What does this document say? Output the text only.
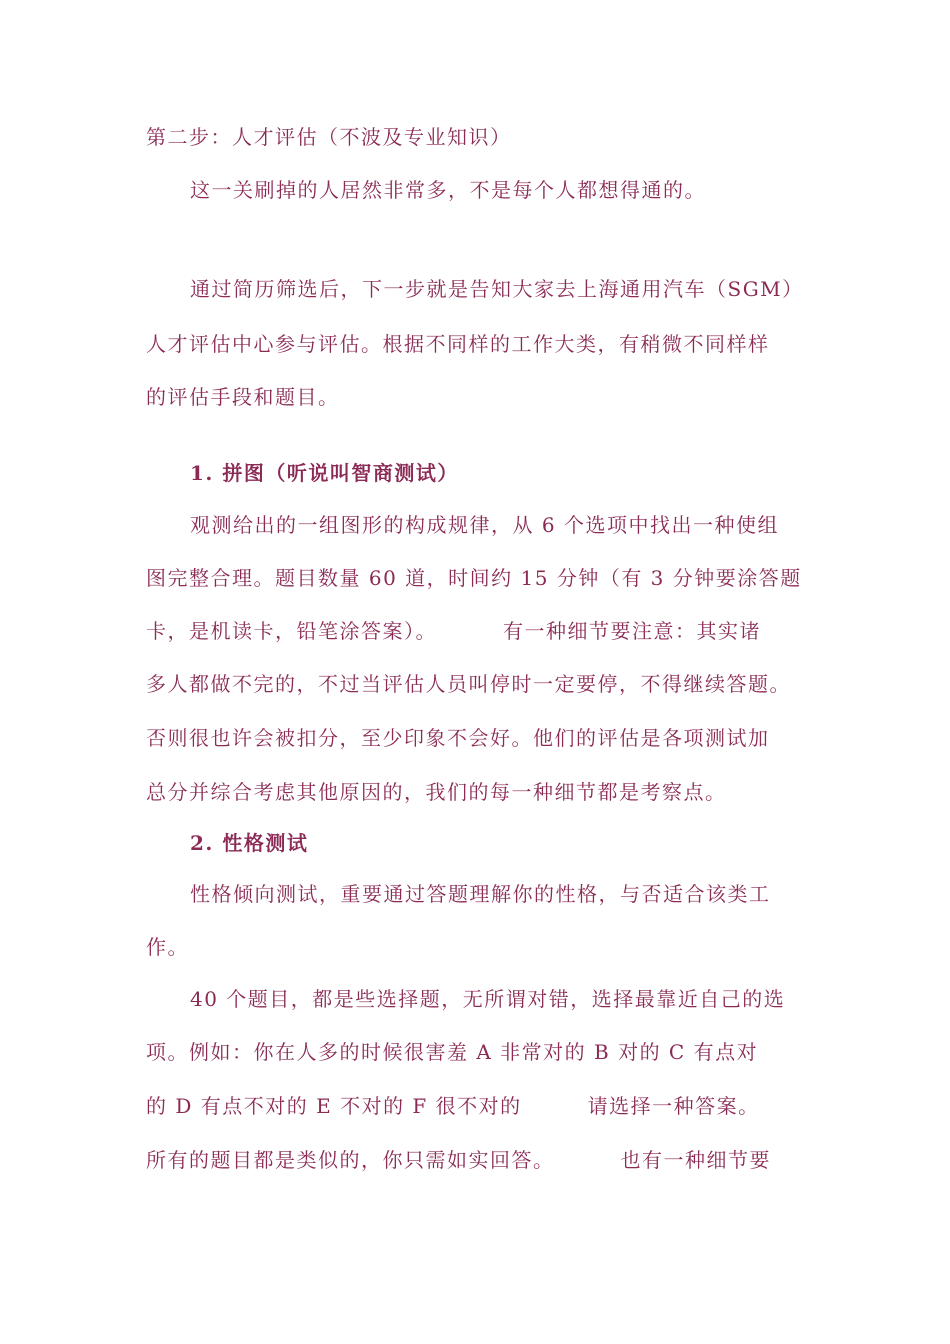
第二步：人才评估（不波及专业知识）
这一关刷掉的人居然非常多，不是每个人都想得通的。
通过简历筛选后，下一步就是告知大家去上海通用汽车（SGM）
人才评估中心参与评估。根据不同样的工作大类，有稍微不同样样
的评估手段和题目。
1. 拼图（听说叫智商测试）
观测给出的一组图形的构成规律，从 6 个选项中找出一种使组
图完整合理。题目数量 60 道，时间约 15 分钟（有 3 分钟要涂答题
卡，是机读卡，铅笔涂答案）。	有一种细节要注意：其实诸
多人都做不完的，不过当评估人员叫停时一定要停，不得继续答题。
否则很也许会被扣分，至少印象不会好。他们的评估是各项测试加
总分并综合考虑其他原因的，我们的每一种细节都是考察点。
2. 性格测试
性格倾向测试，重要通过答题理解你的性格，与否适合该类工
作。
40 个题目，都是些选择题，无所谓对错，选择最靠近自己的选
项。例如：你在人多的时候很害羞 A 非常对的 B 对的 C 有点对
的 D 有点不对的 E 不对的 F 很不对的	请选择一种答案。
所有的题目都是类似的，你只需如实回答。	也有一种细节要
